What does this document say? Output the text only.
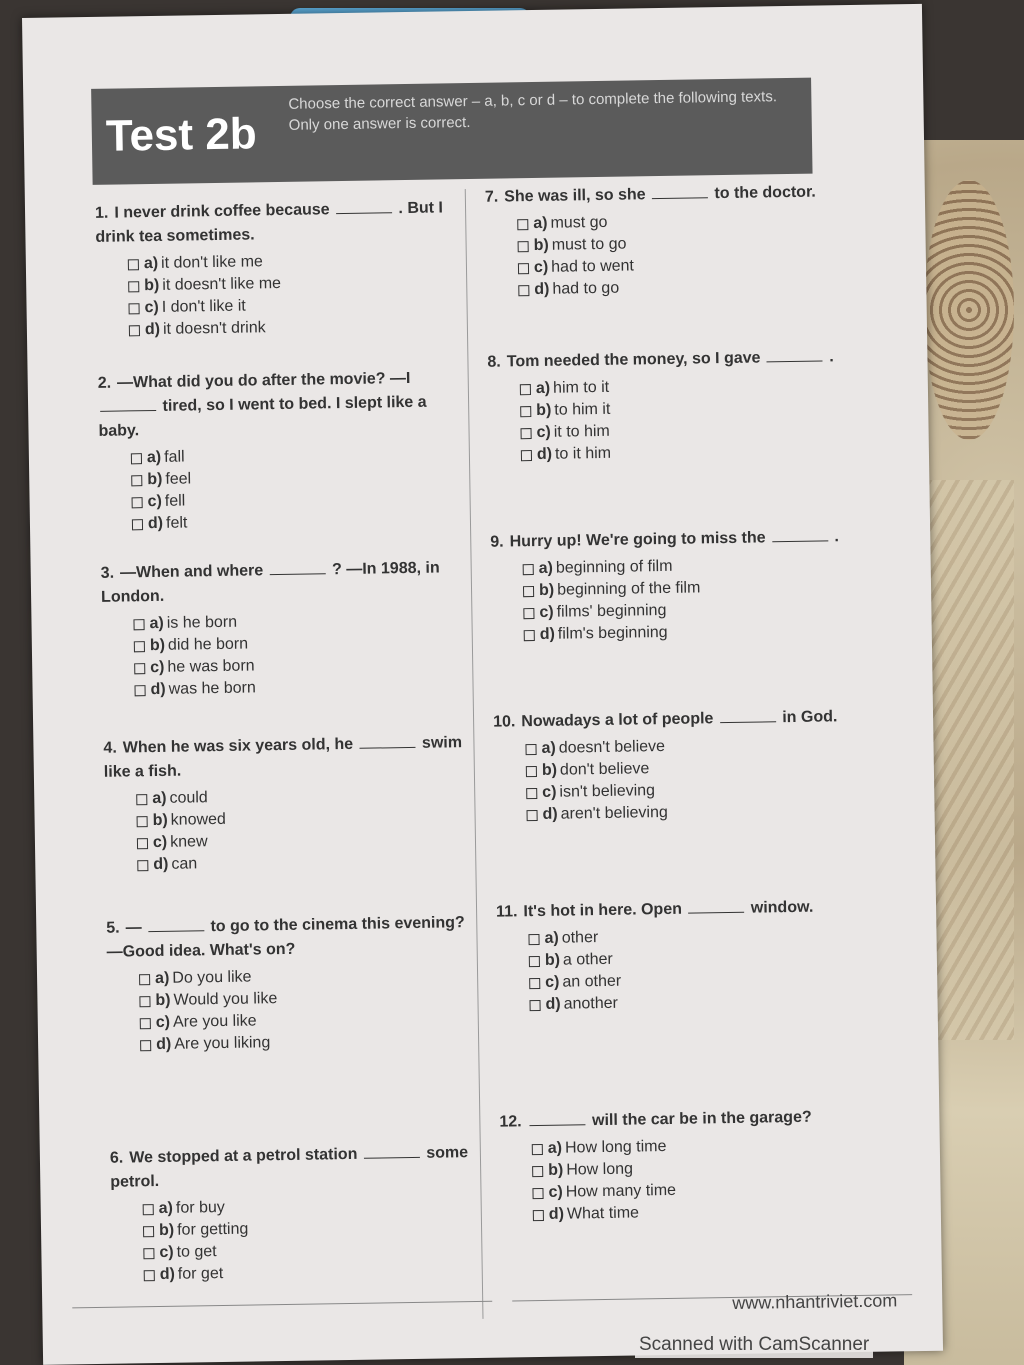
Test 2b
Choose the correct answer – a, b, c or d – to complete the following texts. Only one answer is correct.
1. I never drink coffee because	. But I drink tea sometimes.
a) it don't like me
b) it doesn't like me
c) I don't like it
d) it doesn't drink
2. —What did you do after the movie? —I  tired, so I went to bed. I slept like a baby.
a) fall
b) feel
c) fell
d) felt
3. —When and where	? —In 1988, in London.
a) is he born
b) did he born
c) he was born
d) was he born
4. When he was six years old, he	swim like a fish.
a) could
b) knowed
c) knew
d) can
5. —	to go to the cinema this evening? —Good idea. What's on?
a) Do you like
b) Would you like
c) Are you like
d) Are you liking
6. We stopped at a petrol station	some petrol.
a) for buy
b) for getting
c) to get
d) for get
7. She was ill, so she	to the doctor.
a) must go
b) must to go
c) had to went
d) had to go
8. Tom needed the money, so I gave	.
a) him to it
b) to him it
c) it to him
d) to it him
9. Hurry up! We're going to miss the	.
a) beginning of film
b) beginning of the film
c) films' beginning
d) film's beginning
10. Nowadays a lot of people	in God.
a) doesn't believe
b) don't believe
c) isn't believing
d) aren't believing
11. It's hot in here. Open	window.
a) other
b) a other
c) an other
d) another
12.	will the car be in the garage?
a) How long time
b) How long
c) How many time
d) What time
www.nhantriviet.com
Scanned with CamScanner
